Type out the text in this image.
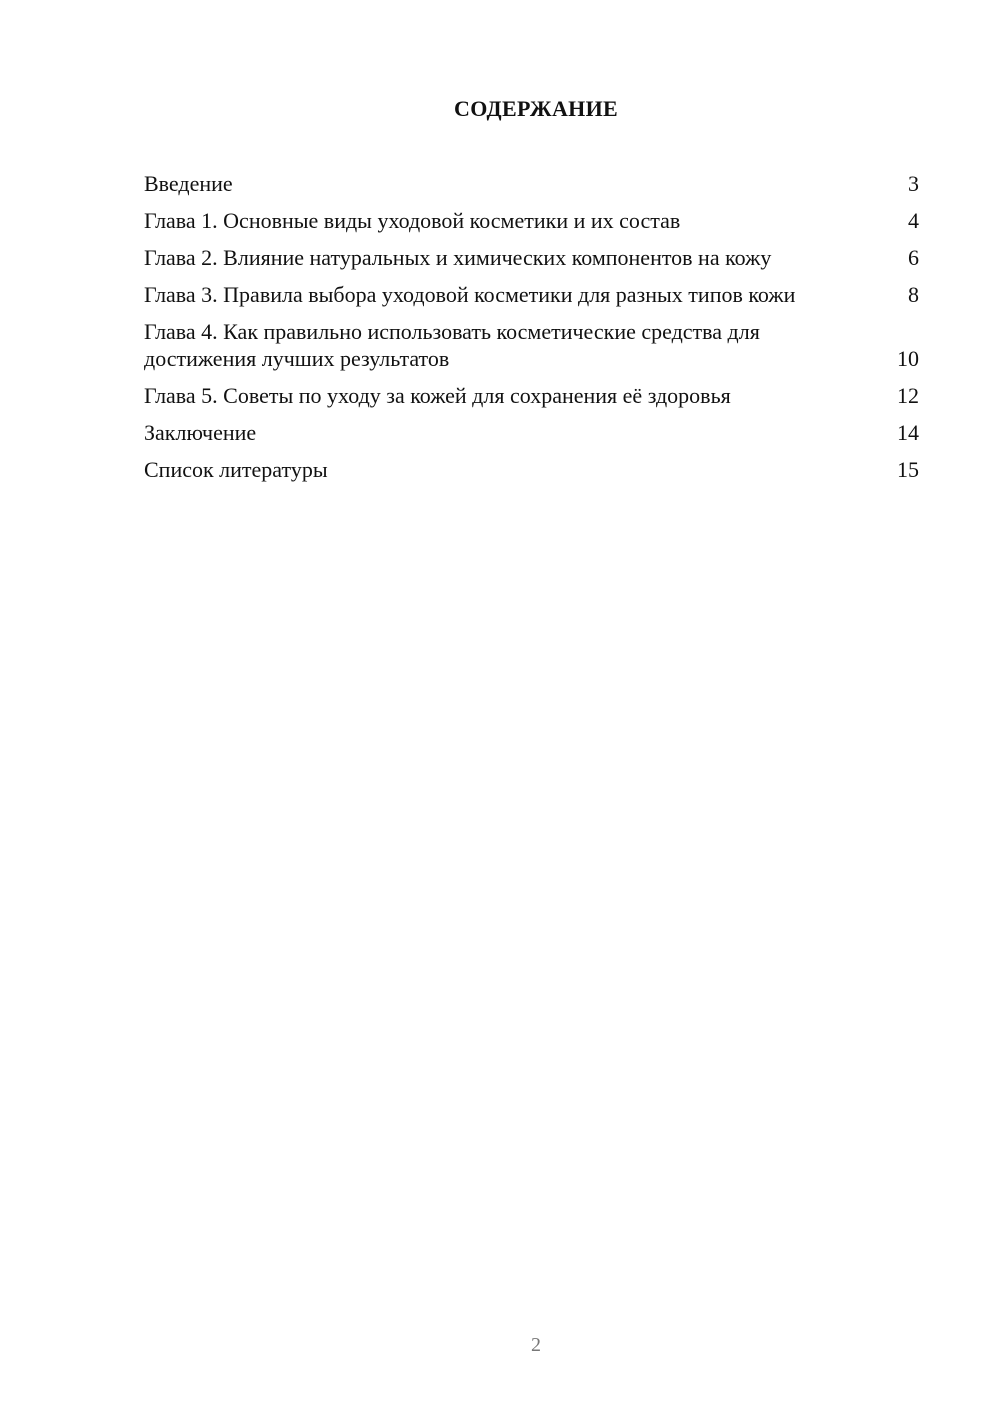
СОДЕРЖАНИЕ
Введение	3
Глава 1. Основные виды уходовой косметики и их состав	4
Глава 2. Влияние натуральных и химических компонентов на кожу	6
Глава 3. Правила выбора уходовой косметики для разных типов кожи	8
Глава 4. Как правильно использовать косметические средства для достижения лучших результатов	10
Глава 5. Советы по уходу за кожей для сохранения её здоровья	12
Заключение	14
Список литературы	15
2
